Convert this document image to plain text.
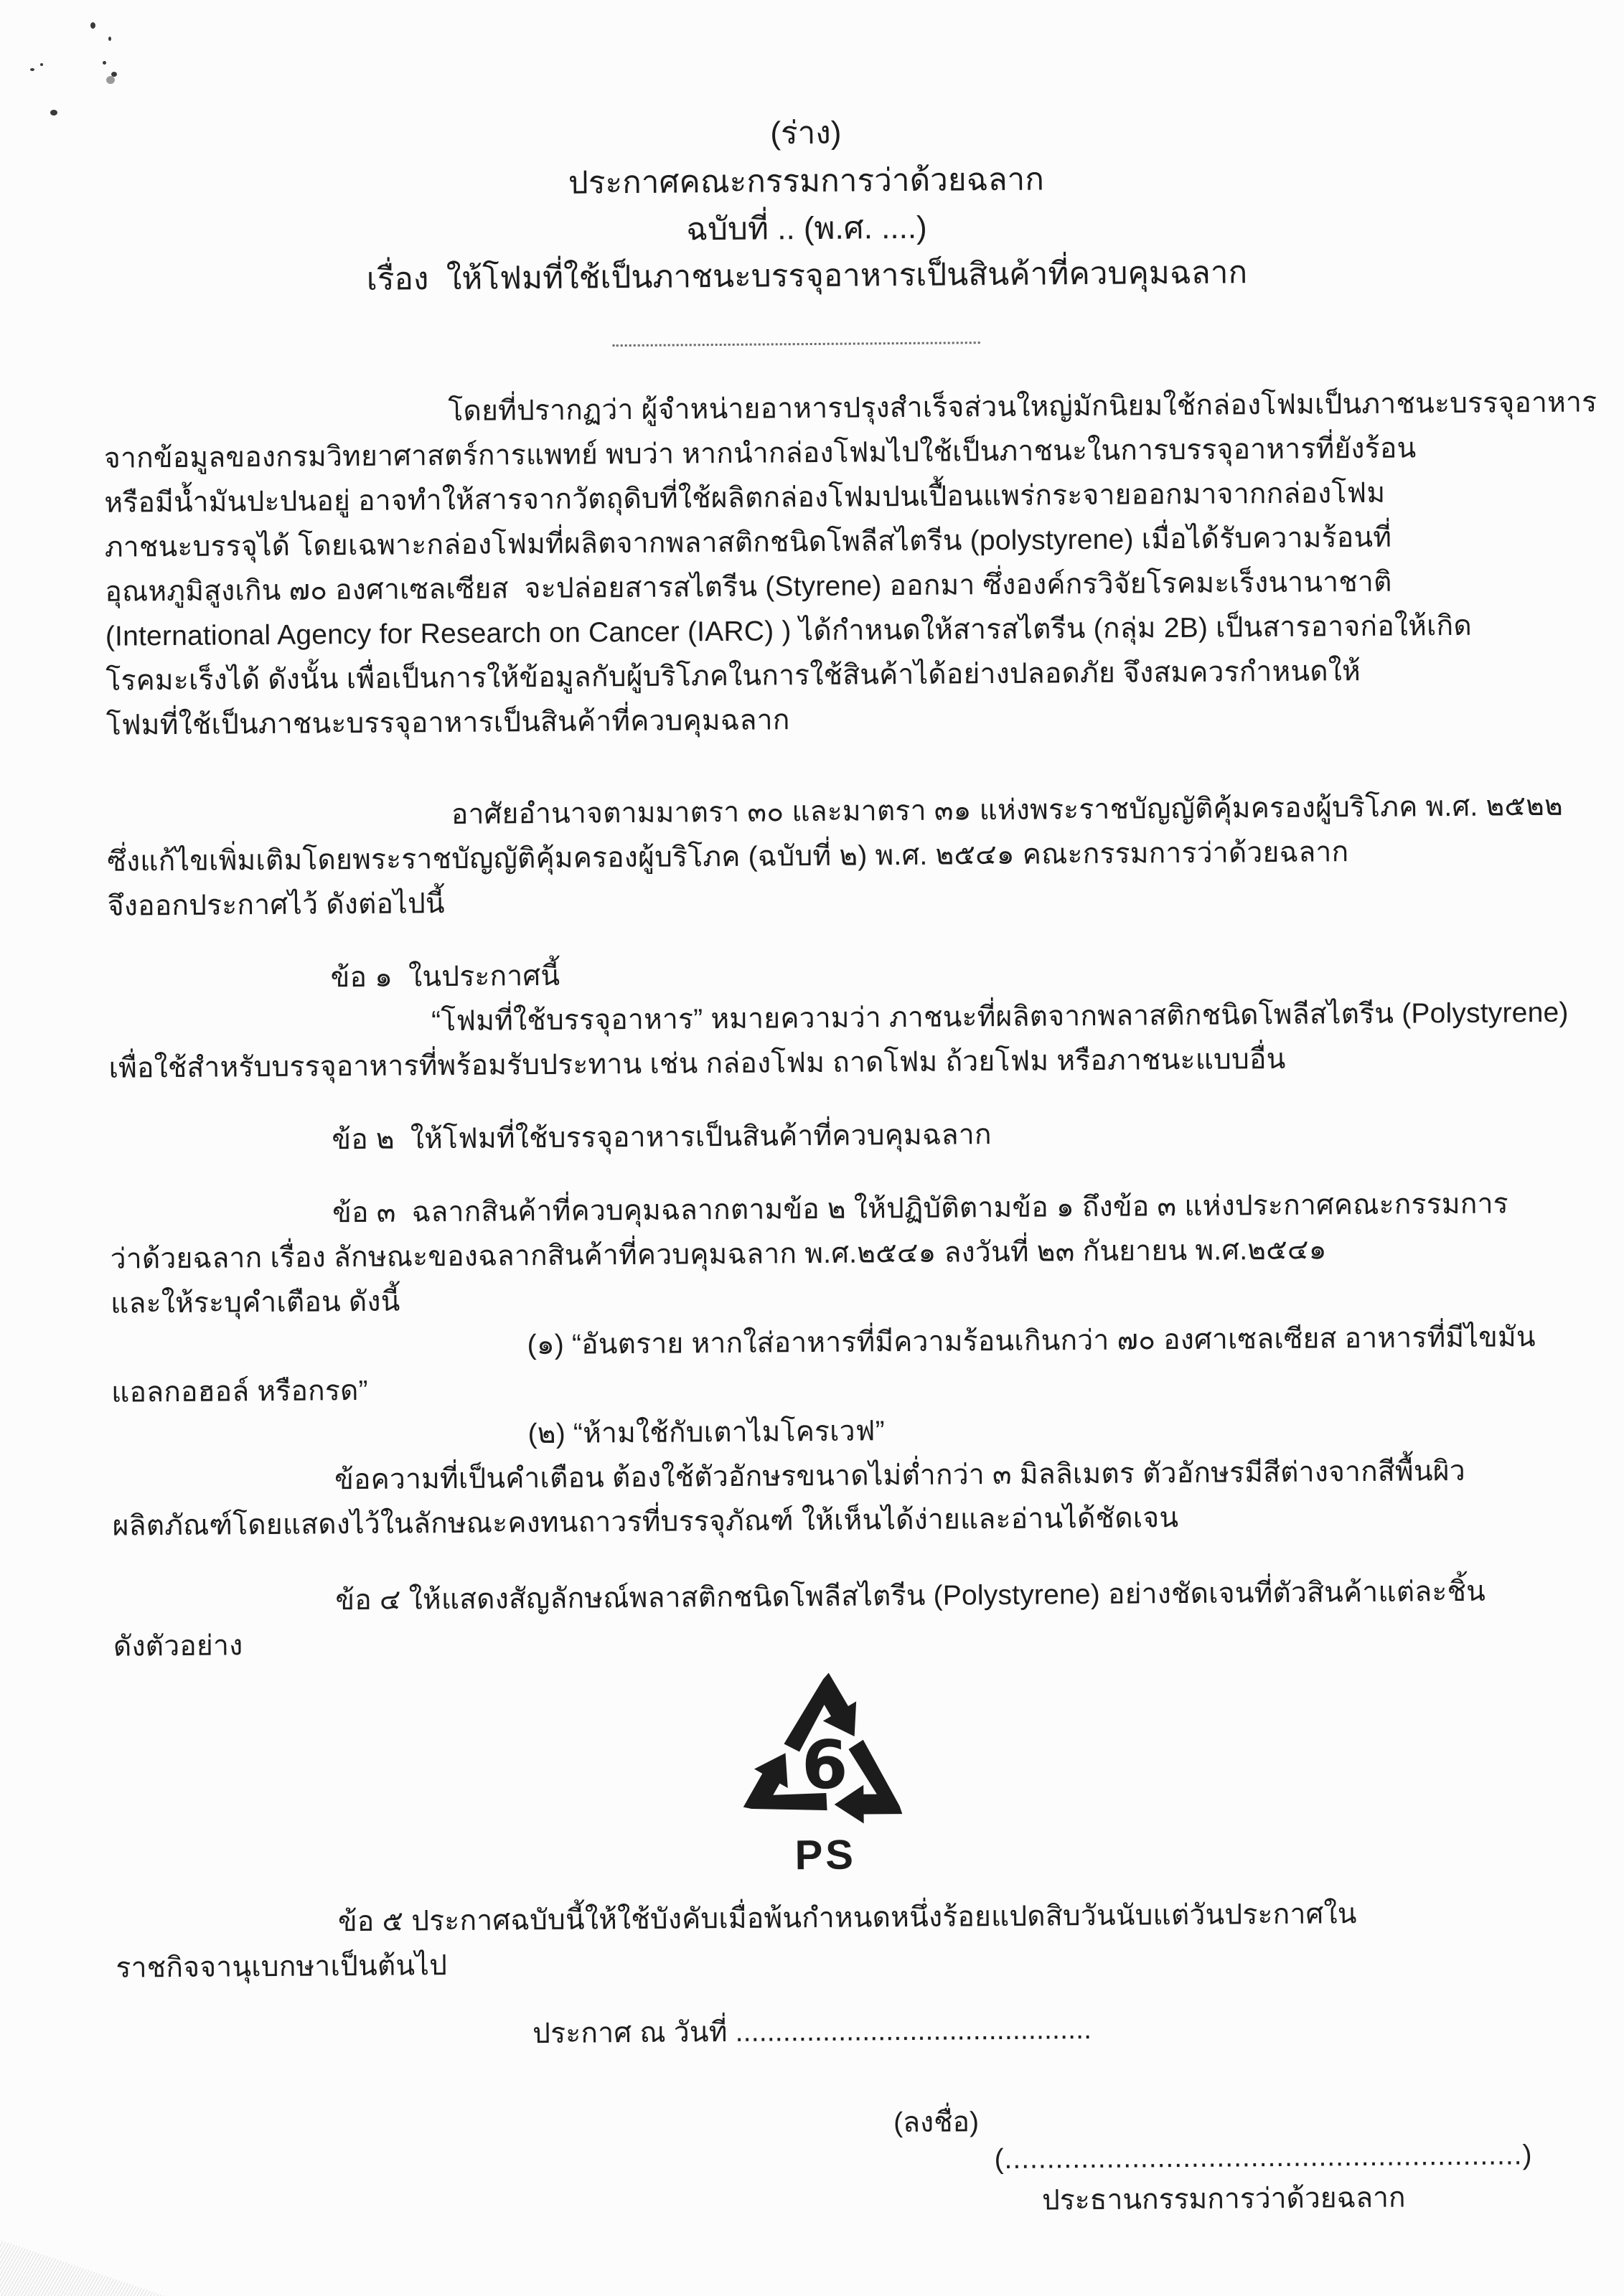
(ร่าง)
ประกาศคณะกรรมการว่าด้วยฉลาก
ฉบับที่ .. (พ.ศ. ....)
เรื่อง  ให้โฟมที่ใช้เป็นภาชนะบรรจุอาหารเป็นสินค้าที่ควบคุมฉลาก
โดยที่ปรากฏว่า ผู้จำหน่ายอาหารปรุงสำเร็จส่วนใหญ่มักนิยมใช้กล่องโฟมเป็นภาชนะบรรจุอาหาร
จากข้อมูลของกรมวิทยาศาสตร์การแพทย์ พบว่า หากนำกล่องโฟมไปใช้เป็นภาชนะในการบรรจุอาหารที่ยังร้อน
หรือมีน้ำมันปะปนอยู่ อาจทำให้สารจากวัตถุดิบที่ใช้ผลิตกล่องโฟมปนเปื้อนแพร่กระจายออกมาจากกล่องโฟม
ภาชนะบรรจุได้ โดยเฉพาะกล่องโฟมที่ผลิตจากพลาสติกชนิดโพลีสไตรีน (polystyrene) เมื่อได้รับความร้อนที่
อุณหภูมิสูงเกิน ๗๐ องศาเซลเซียส  จะปล่อยสารสไตรีน (Styrene) ออกมา ซึ่งองค์กรวิจัยโรคมะเร็งนานาชาติ
(International Agency for Research on Cancer (IARC) ) ได้กำหนดให้สารสไตรีน (กลุ่ม 2B) เป็นสารอาจก่อให้เกิด
โรคมะเร็งได้ ดังนั้น เพื่อเป็นการให้ข้อมูลกับผู้บริโภคในการใช้สินค้าได้อย่างปลอดภัย จึงสมควรกำหนดให้
โฟมที่ใช้เป็นภาชนะบรรจุอาหารเป็นสินค้าที่ควบคุมฉลาก
อาศัยอำนาจตามมาตรา ๓๐ และมาตรา ๓๑ แห่งพระราชบัญญัติคุ้มครองผู้บริโภค พ.ศ. ๒๕๒๒
ซึ่งแก้ไขเพิ่มเติมโดยพระราชบัญญัติคุ้มครองผู้บริโภค (ฉบับที่ ๒) พ.ศ. ๒๕๔๑ คณะกรรมการว่าด้วยฉลาก
จึงออกประกาศไว้ ดังต่อไปนี้
ข้อ ๑  ในประกาศนี้
“โฟมที่ใช้บรรจุอาหาร” หมายความว่า ภาชนะที่ผลิตจากพลาสติกชนิดโพลีสไตรีน (Polystyrene)
เพื่อใช้สำหรับบรรจุอาหารที่พร้อมรับประทาน เช่น กล่องโฟม ถาดโฟม ถ้วยโฟม หรือภาชนะแบบอื่น
ข้อ ๒  ให้โฟมที่ใช้บรรจุอาหารเป็นสินค้าที่ควบคุมฉลาก
ข้อ ๓  ฉลากสินค้าที่ควบคุมฉลากตามข้อ ๒ ให้ปฏิบัติตามข้อ ๑ ถึงข้อ ๓ แห่งประกาศคณะกรรมการ
ว่าด้วยฉลาก เรื่อง ลักษณะของฉลากสินค้าที่ควบคุมฉลาก พ.ศ.๒๕๔๑ ลงวันที่ ๒๓ กันยายน พ.ศ.๒๕๔๑
และให้ระบุคำเตือน ดังนี้
(๑) “อันตราย หากใส่อาหารที่มีความร้อนเกินกว่า ๗๐ องศาเซลเซียส อาหารที่มีไขมัน
แอลกอฮอล์ หรือกรด”
(๒) “ห้ามใช้กับเตาไมโครเวฟ”
ข้อความที่เป็นคำเตือน ต้องใช้ตัวอักษรขนาดไม่ต่ำกว่า ๓ มิลลิเมตร ตัวอักษรมีสีต่างจากสีพื้นผิว
ผลิตภัณฑ์โดยแสดงไว้ในลักษณะคงทนถาวรที่บรรจุภัณฑ์ ให้เห็นได้ง่ายและอ่านได้ชัดเจน
ข้อ ๔ ให้แสดงสัญลักษณ์พลาสติกชนิดโพลีสไตรีน (Polystyrene) อย่างชัดเจนที่ตัวสินค้าแต่ละชิ้น
ดังตัวอย่าง
6
PS
ข้อ ๕ ประกาศฉบับนี้ให้ใช้บังคับเมื่อพ้นกำหนดหนึ่งร้อยแปดสิบวันนับแต่วันประกาศใน
ราชกิจจานุเบกษาเป็นต้นไป
ประกาศ ณ วันที่ .............................................
(ลงชื่อ)
(.............................................................)
ประธานกรรมการว่าด้วยฉลาก
